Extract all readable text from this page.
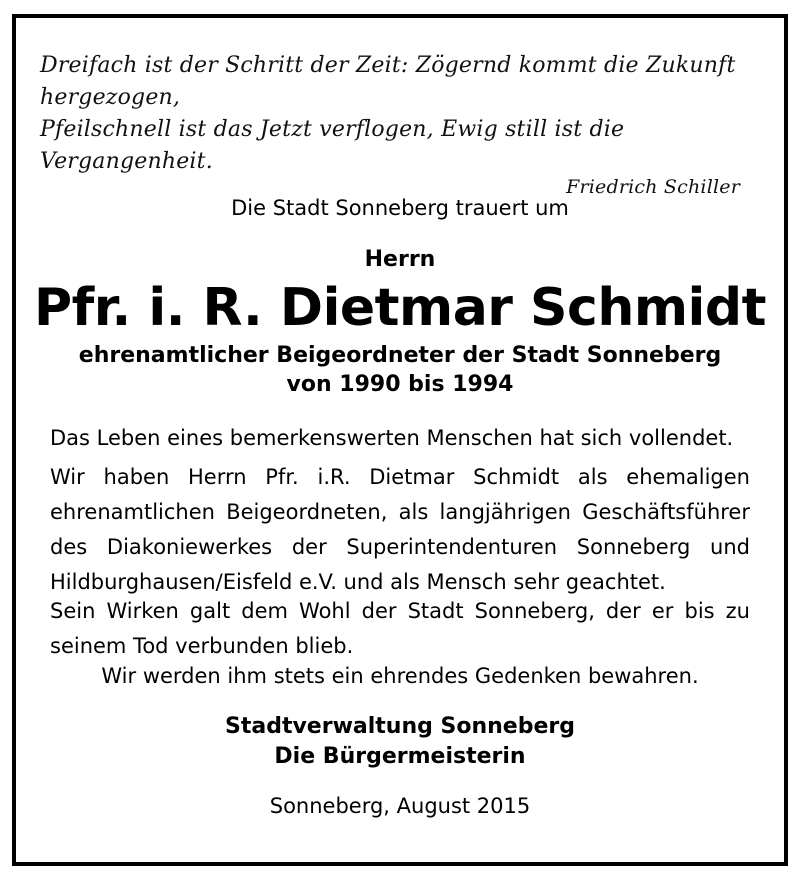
Dreifach ist der Schritt der Zeit: Zögernd kommt die Zukunft hergezogen,
Pfeilschnell ist das Jetzt verflogen, Ewig still ist die Vergangenheit.
Friedrich Schiller
Die Stadt Sonneberg trauert um
Herrn
Pfr. i. R. Dietmar Schmidt
ehrenamtlicher Beigeordneter der Stadt Sonneberg
von 1990 bis 1994
Das Leben eines bemerkenswerten Menschen hat sich vollendet.
Wir haben Herrn Pfr. i.R. Dietmar Schmidt als ehemaligen ehrenamtlichen Beigeordneten, als langjährigen Geschäftsführer des Diakoniewerkes der Superintendenturen Sonneberg und Hildburghausen/Eisfeld e.V. und als Mensch sehr geachtet.
Sein Wirken galt dem Wohl der Stadt Sonneberg, der er bis zu seinem Tod verbunden blieb.
Wir werden ihm stets ein ehrendes Gedenken bewahren.
Stadtverwaltung Sonneberg
Die Bürgermeisterin
Sonneberg, August 2015
